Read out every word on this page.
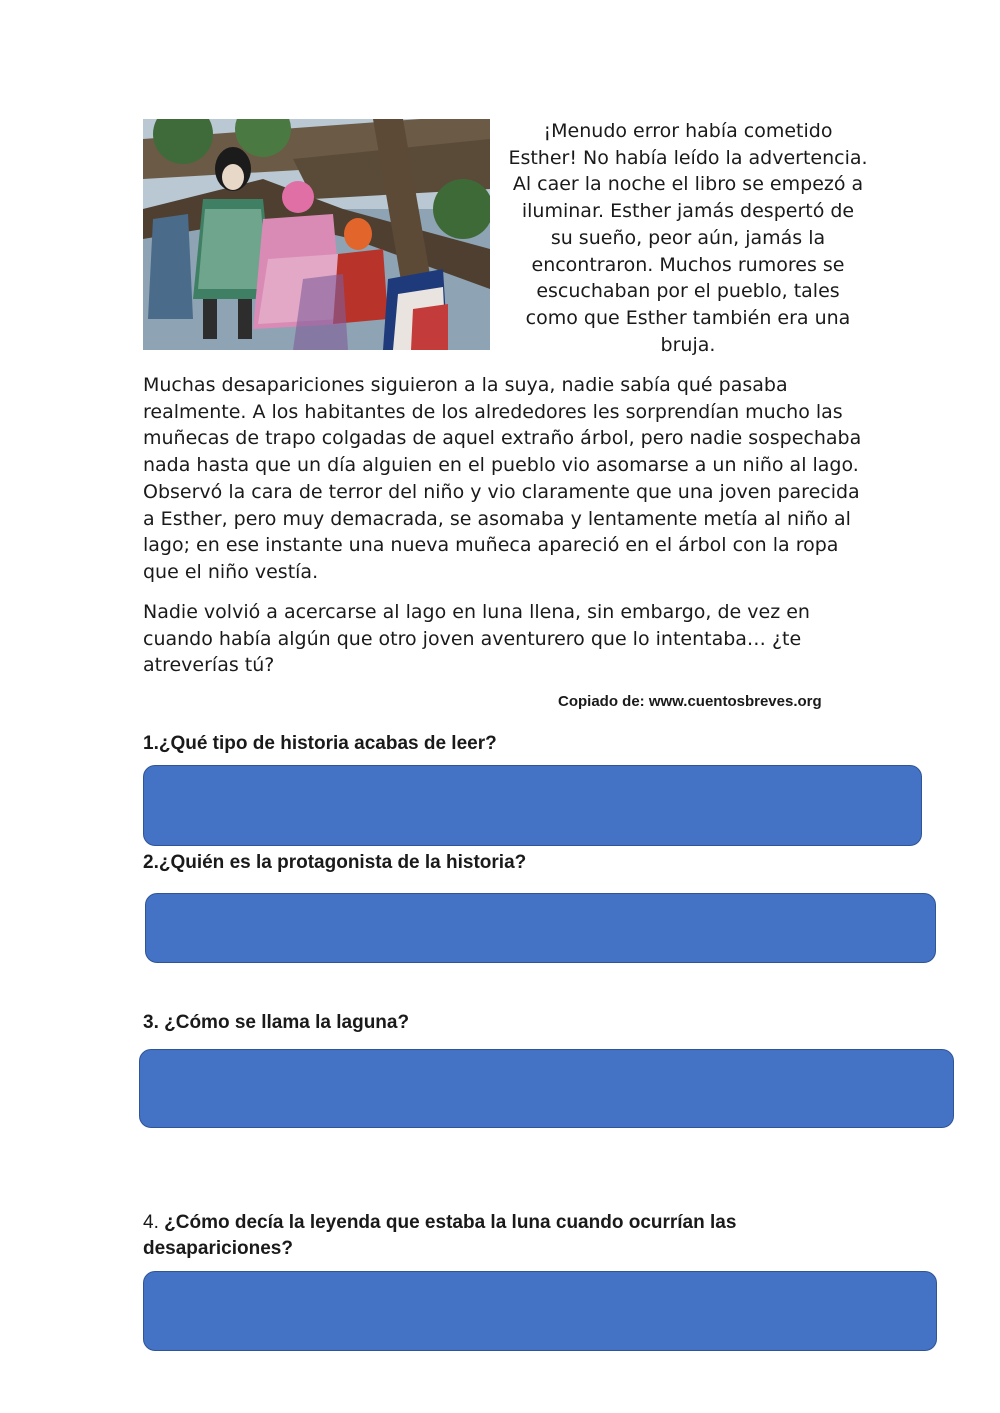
¡Menudo error había cometido Esther! No había leído la advertencia. Al caer la noche el libro se empezó a iluminar. Esther jamás despertó de su sueño, peor aún, jamás la encontraron. Muchos rumores se escuchaban por el pueblo, tales como que Esther también era una bruja.
Muchas desapariciones siguieron a la suya, nadie sabía qué pasaba realmente. A los habitantes de los alrededores les sorprendían mucho las muñecas de trapo colgadas de aquel extraño árbol, pero nadie sospechaba nada hasta que un día alguien en el pueblo vio asomarse a un niño al lago. Observó la cara de terror del niño y vio claramente que una joven parecida a Esther, pero muy demacrada, se asomaba y lentamente metía al niño al lago; en ese instante una nueva muñeca apareció en el árbol con la ropa que el niño vestía.
Nadie volvió a acercarse al lago en luna llena, sin embargo, de vez en cuando había algún que otro joven aventurero que lo intentaba… ¿te atreverías tú?
Copiado de: www.cuentosbreves.org
1.¿Qué tipo de historia acabas de leer?
2.¿Quién es la protagonista de la historia?
3. ¿Cómo se llama la laguna?
4. ¿Cómo decía la leyenda que estaba la luna cuando ocurrían las desapariciones?
